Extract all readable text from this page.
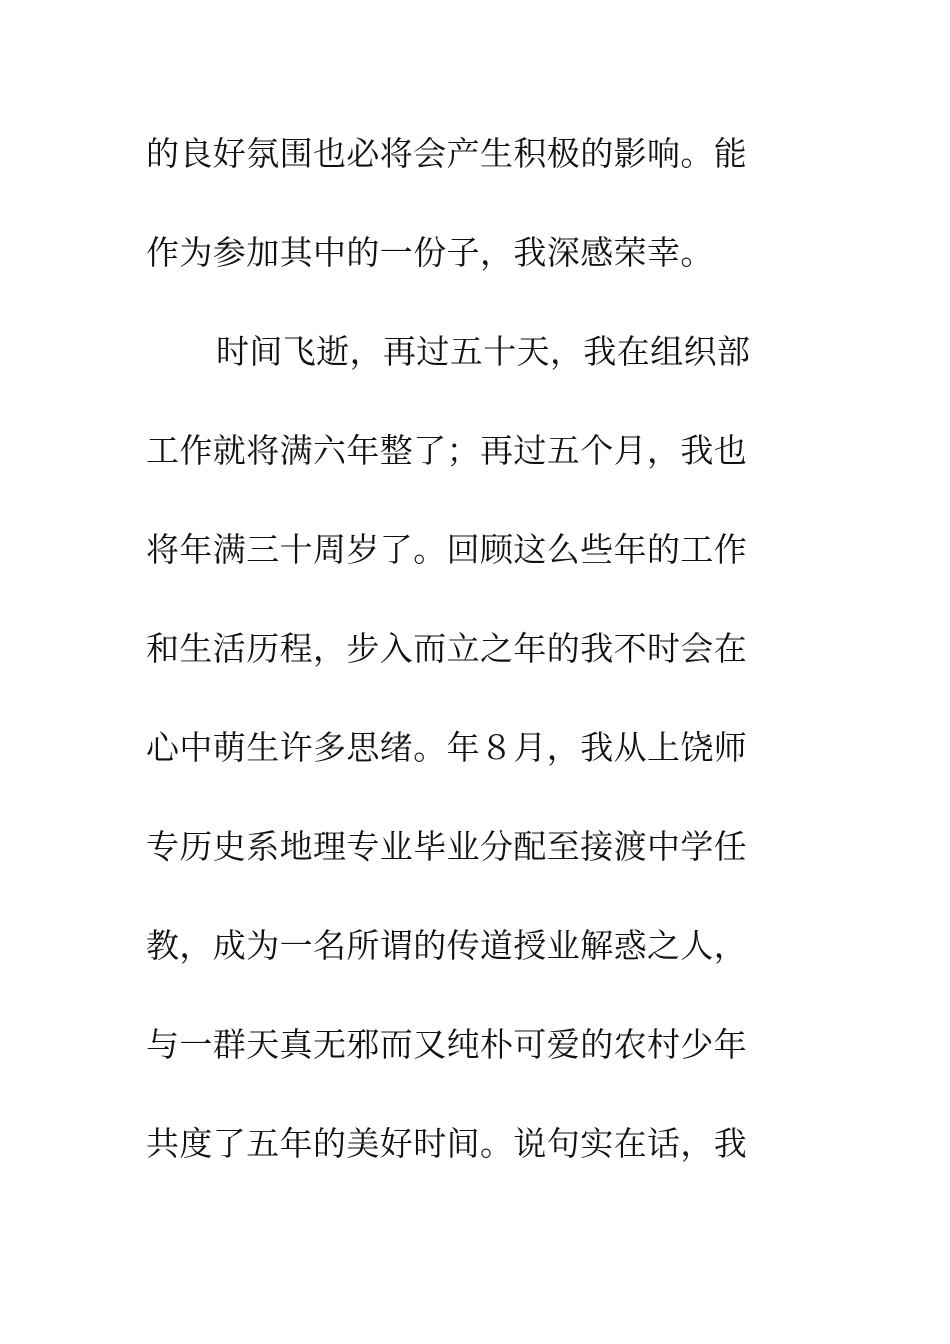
的良好氛围也必将会产生积极的影响。能
作为参加其中的一份子，我深感荣幸。
时间飞逝，再过五十天，我在组织部
工作就将满六年整了；再过五个月，我也
将年满三十周岁了。回顾这么些年的工作
和生活历程，步入而立之年的我不时会在
心中萌生许多思绪。年８月，我从上饶师
专历史系地理专业毕业分配至接渡中学任
教，成为一名所谓的传道授业解惑之人，
与一群天真无邪而又纯朴可爱的农村少年
共度了五年的美好时间。说句实在话，我
